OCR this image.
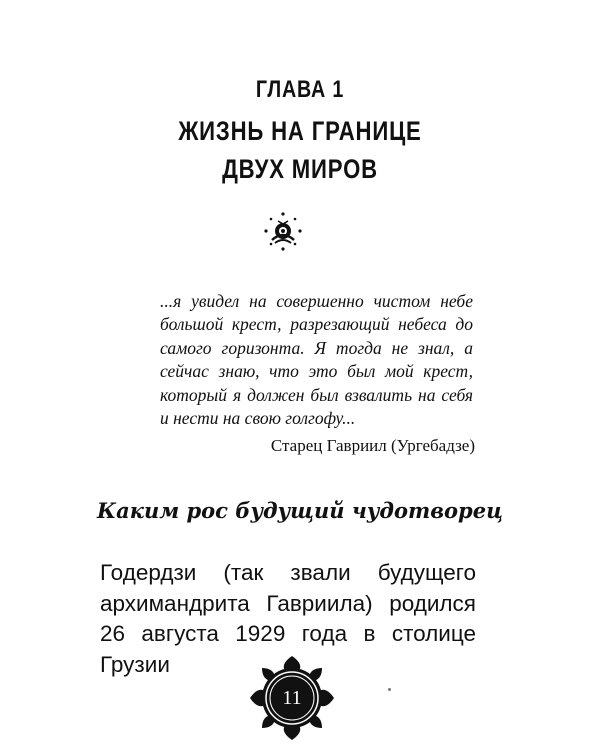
ГЛАВА 1
ЖИЗНЬ НА ГРАНИЦЕ
ДВУХ МИРОВ
...я увидел на совершенно чистом небе большой крест, разрезающий небеса до самого горизонта. Я тогда не знал, а сейчас знаю, что это был мой крест, который я должен был взвалить на себя и нести на свою голгофу...
Старец Гавриил (Ургебадзе)
Каким рос будущий чудотворец
Годердзи (так звали будущего архимандрита Гавриила) родился 26 августа 1929 года в столице Грузии
11
